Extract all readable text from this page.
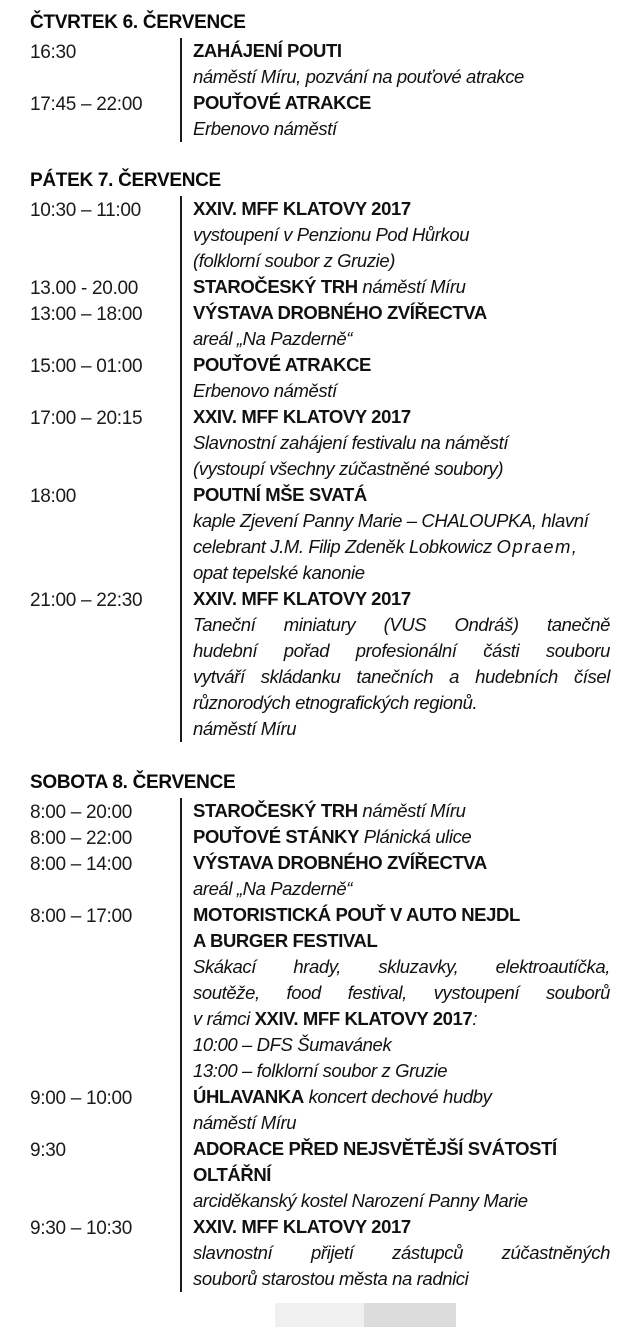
ČTVRTEK 6. ČERVENCE
16:30	ZAHÁJENÍ POUTI
náměstí Míru, pozvání na pouťové atrakce
17:45 – 22:00	POUŤOVÉ ATRAKCE
Erbenovo náměstí
PÁTEK 7. ČERVENCE
10:30 – 11:00	XXIV. MFF KLATOVY 2017
vystoupení v Penzionu Pod Hůrkou
(folklorní soubor z Gruzie)
13.00 - 20.00	STAROČESKÝ TRH náměstí Míru
13:00 – 18:00	VÝSTAVA DROBNÉHO ZVÍŘECTVA
areál „Na Pazderně“
15:00 – 01:00	POUŤOVÉ ATRAKCE
Erbenovo náměstí
17:00 – 20:15	XXIV. MFF KLATOVY 2017
Slavnostní zahájení festivalu na náměstí
(vystoupí všechny zúčastněné soubory)
18:00	POUTNÍ MŠE SVATÁ
kaple Zjevení Panny Marie – CHALOUPKA, hlavní
celebrant J.M. Filip Zdeněk Lobkowicz Opraem,
opat tepelské kanonie
21:00 – 22:30	XXIV. MFF KLATOVY 2017
Taneční miniatury (VUS Ondráš) tanečně
hudební pořad profesionální části souboru
vytváří skládanku tanečních a hudebních čísel
různorodých etnografických regionů.
náměstí Míru
SOBOTA 8. ČERVENCE
8:00 – 20:00	STAROČESKÝ TRH náměstí Míru
8:00 – 22:00	POUŤOVÉ STÁNKY Plánická ulice
8:00 – 14:00	VÝSTAVA DROBNÉHO ZVÍŘECTVA
areál „Na Pazderně“
8:00 – 17:00	MOTORISTICKÁ POUŤ V AUTO NEJDL
A BURGER FESTIVAL
Skákací hrady, skluzavky, elektroautíčka,
soutěže, food festival, vystoupení souborů
v rámci XXIV. MFF KLATOVY 2017:
10:00 – DFS Šumavánek
13:00 – folklorní soubor z Gruzie
9:00 – 10:00	ÚHLAVANKA koncert dechové hudby
náměstí Míru
9:30	ADORACE PŘED NEJSVĚTĚJŠÍ SVÁTOSTÍ
OLTÁŘNÍ
arciděkanský kostel Narození Panny Marie
9:30 – 10:30	XXIV. MFF KLATOVY 2017
slavnostní přijetí zástupců zúčastněných
souborů starostou města na radnici
